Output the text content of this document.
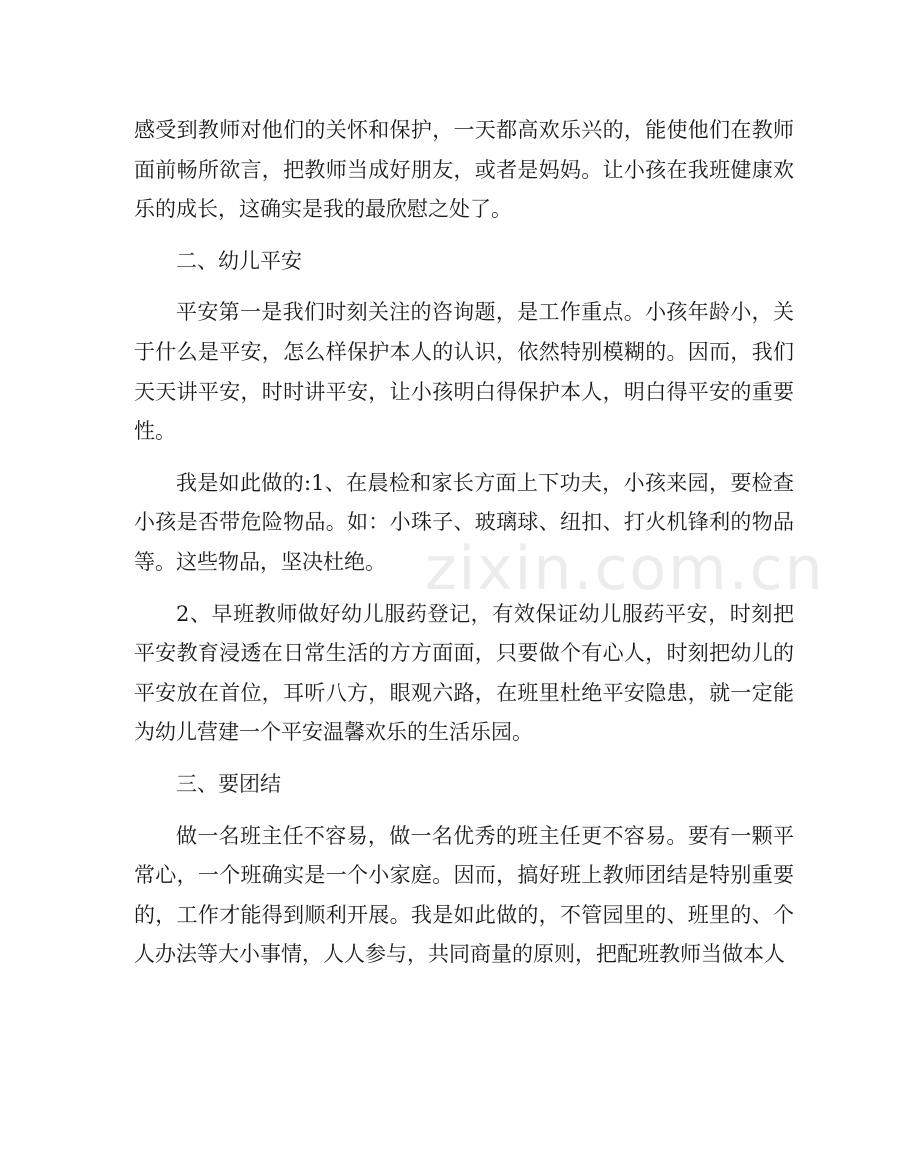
感受到教师对他们的关怀和保护，一天都高欢乐兴的，能使他们在教师面前畅所欲言，把教师当成好朋友，或者是妈妈。让小孩在我班健康欢乐的成长，这确实是我的最欣慰之处了。

二、幼儿平安

平安第一是我们时刻关注的咨询题，是工作重点。小孩年龄小，关于什么是平安，怎么样保护本人的认识，依然特别模糊的。因而，我们天天讲平安，时时讲平安，让小孩明白得保护本人，明白得平安的重要性。

我是如此做的:1、在晨检和家长方面上下功夫，小孩来园，要检查小孩是否带危险物品。如：小珠子、玻璃球、纽扣、打火机锋利的物品等。这些物品，坚决杜绝。

2、早班教师做好幼儿服药登记，有效保证幼儿服药平安，时刻把平安教育浸透在日常生活的方方面面，只要做个有心人，时刻把幼儿的平安放在首位，耳听八方，眼观六路，在班里杜绝平安隐患，就一定能为幼儿营建一个平安温馨欢乐的生活乐园。

三、要团结

做一名班主任不容易，做一名优秀的班主任更不容易。要有一颗平常心，一个班确实是一个小家庭。因而，搞好班上教师团结是特别重要的，工作才能得到顺利开展。我是如此做的，不管园里的、班里的、个人办法等大小事情，人人参与，共同商量的原则，把配班教师当做本人

zixin.com.cn
